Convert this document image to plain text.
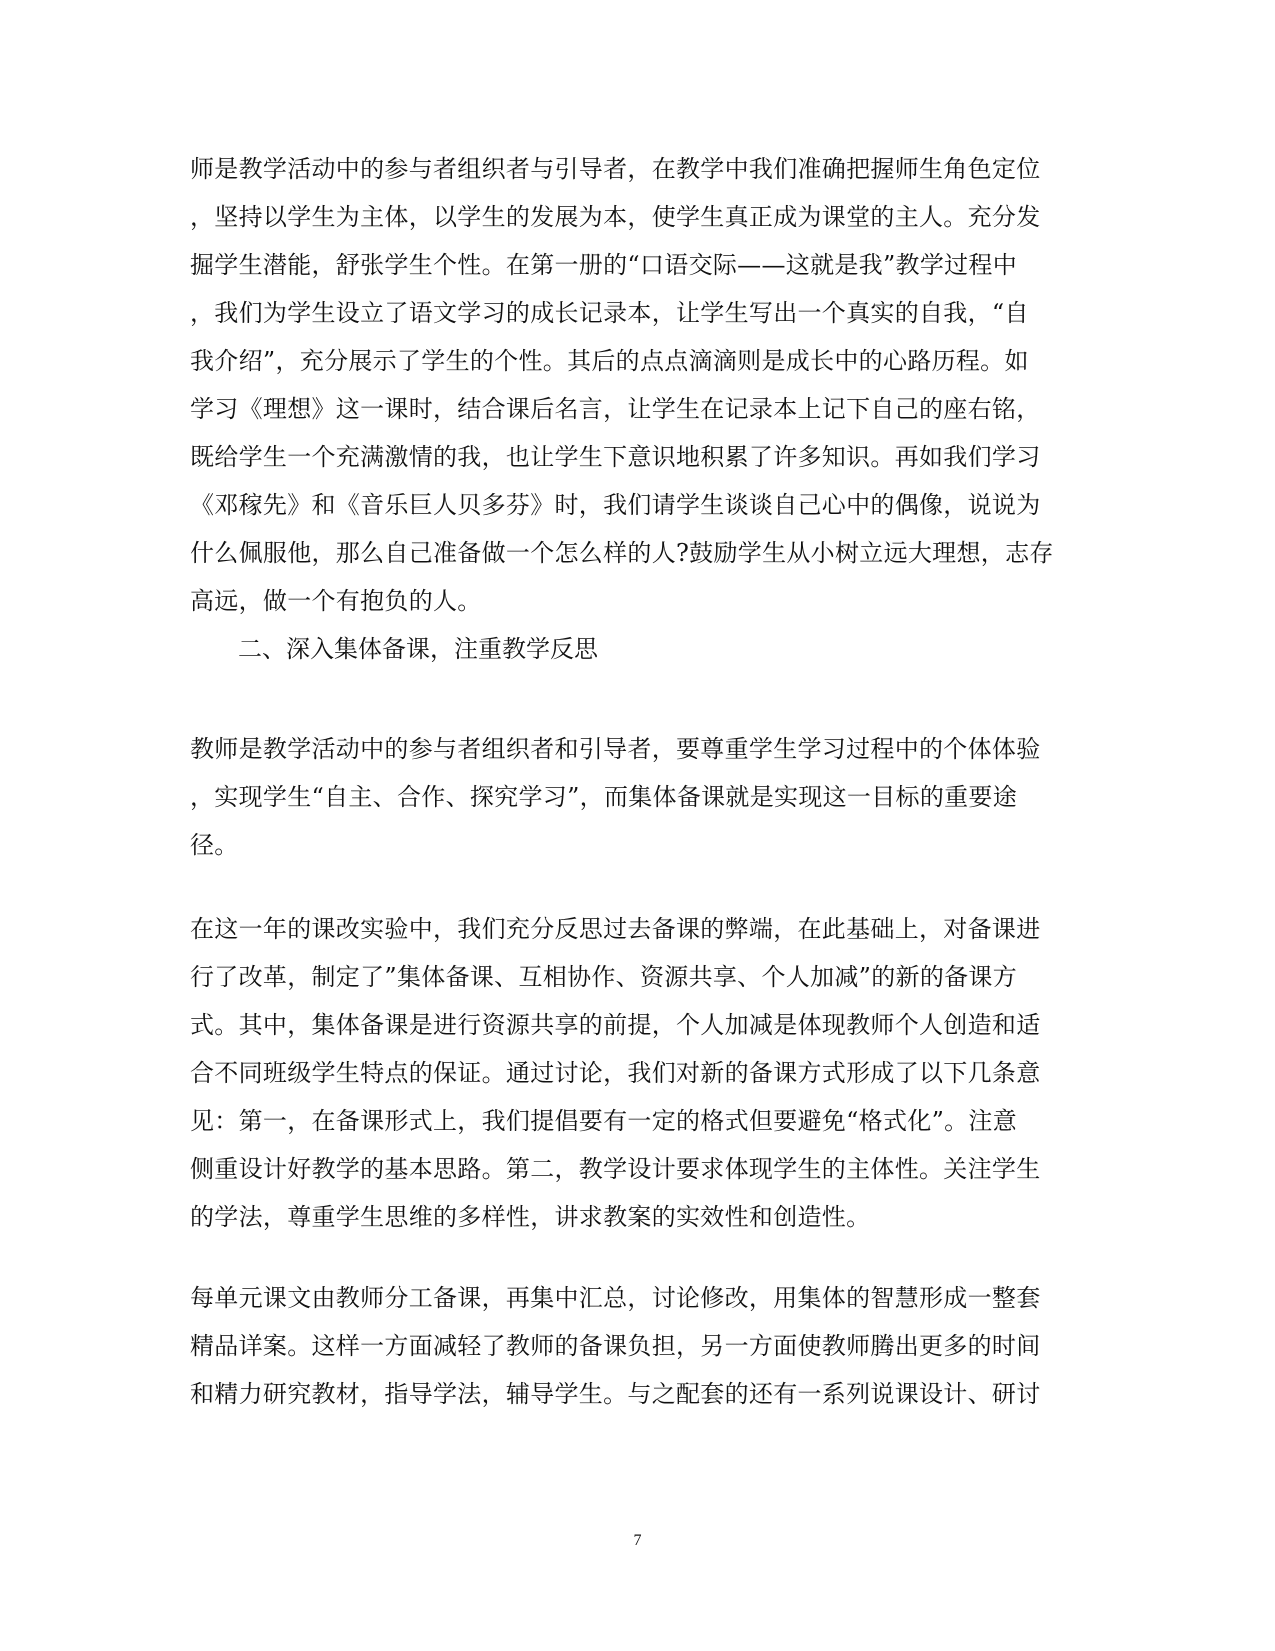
师是教学活动中的参与者组织者与引导者，在教学中我们准确把握师生角色定位
，坚持以学生为主体，以学生的发展为本，使学生真正成为课堂的主人。充分发
掘学生潜能，舒张学生个性。在第一册的“口语交际——这就是我”教学过程中
，我们为学生设立了语文学习的成长记录本，让学生写出一个真实的自我，“自
我介绍”，充分展示了学生的个性。其后的点点滴滴则是成长中的心路历程。如
学习《理想》这一课时，结合课后名言，让学生在记录本上记下自己的座右铭，
既给学生一个充满激情的我，也让学生下意识地积累了许多知识。再如我们学习
《邓稼先》和《音乐巨人贝多芬》时，我们请学生谈谈自己心中的偶像，说说为
什么佩服他，那么自己准备做一个怎么样的人?鼓励学生从小树立远大理想，志存
高远，做一个有抱负的人。
二、深入集体备课，注重教学反思
教师是教学活动中的参与者组织者和引导者，要尊重学生学习过程中的个体体验
，实现学生“自主、合作、探究学习”，而集体备课就是实现这一目标的重要途
径。
在这一年的课改实验中，我们充分反思过去备课的弊端，在此基础上，对备课进
行了改革，制定了”集体备课、互相协作、资源共享、个人加减”的新的备课方
式。其中，集体备课是进行资源共享的前提，个人加减是体现教师个人创造和适
合不同班级学生特点的保证。通过讨论，我们对新的备课方式形成了以下几条意
见：第一，在备课形式上，我们提倡要有一定的格式但要避免“格式化”。注意
侧重设计好教学的基本思路。第二，教学设计要求体现学生的主体性。关注学生
的学法，尊重学生思维的多样性，讲求教案的实效性和创造性。
每单元课文由教师分工备课，再集中汇总，讨论修改，用集体的智慧形成一整套
精品详案。这样一方面减轻了教师的备课负担，另一方面使教师腾出更多的时间
和精力研究教材，指导学法，辅导学生。与之配套的还有一系列说课设计、研讨
7
